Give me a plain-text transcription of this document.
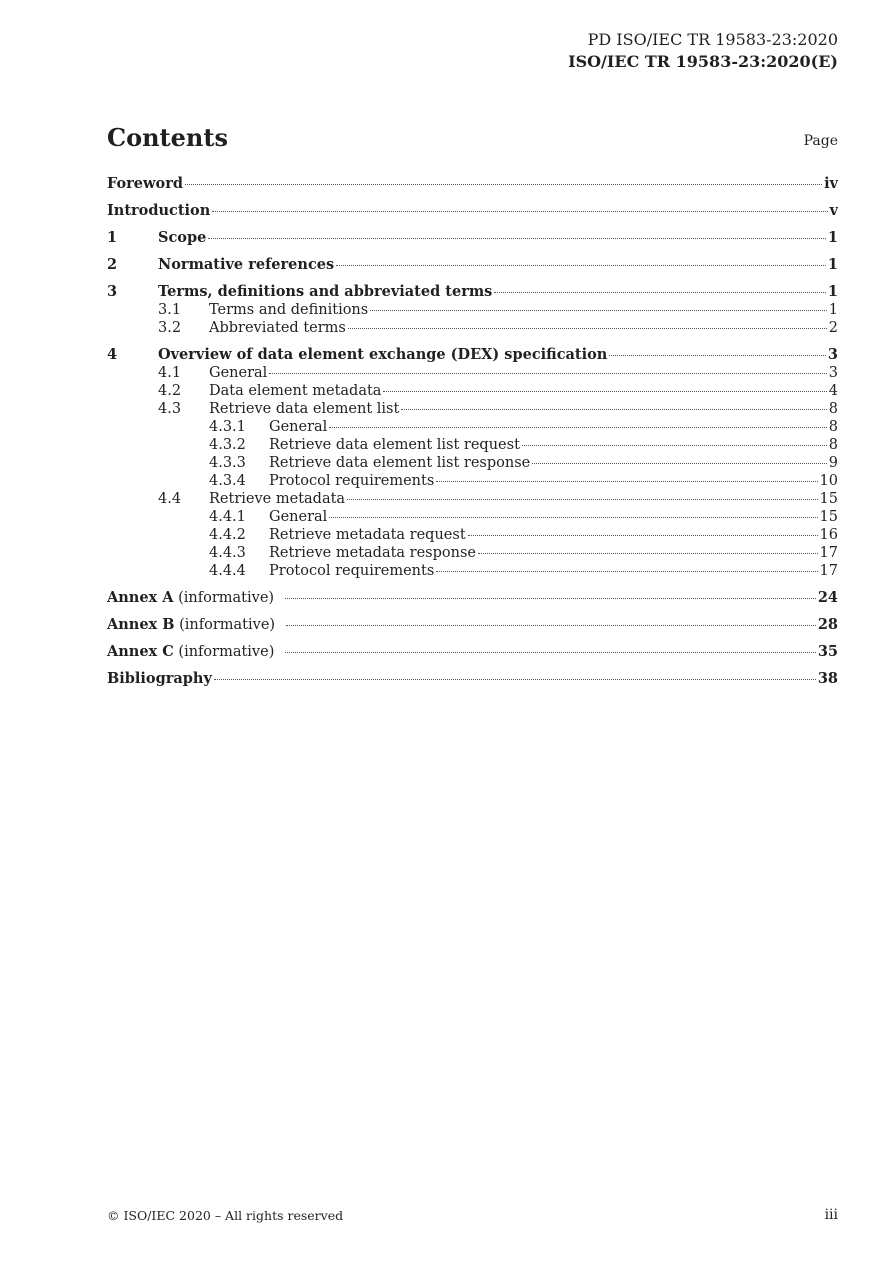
PD ISO/IEC TR 19583-23:2020
ISO/IEC TR 19583-23:2020(E)
Contents	Page
Foreword	iv
Introduction	v
1	Scope	1
2	Normative references	1
3	Terms, definitions and abbreviated terms	1
3.1	Terms and definitions	1
3.2	Abbreviated terms	2
4	Overview of data element exchange (DEX) specification	3
4.1	General	3
4.2	Data element metadata	4
4.3	Retrieve data element list	8
4.3.1	General	8
4.3.2	Retrieve data element list request	8
4.3.3	Retrieve data element list response	9
4.3.4	Protocol requirements	10
4.4	Retrieve metadata	15
4.4.1	General	15
4.4.2	Retrieve metadata request	16
4.4.3	Retrieve metadata response	17
4.4.4	Protocol requirements	17
Annex A (informative)	24
Annex B (informative)	28
Annex C (informative)	35
Bibliography	38
© ISO/IEC 2020 – All rights reserved	iii
